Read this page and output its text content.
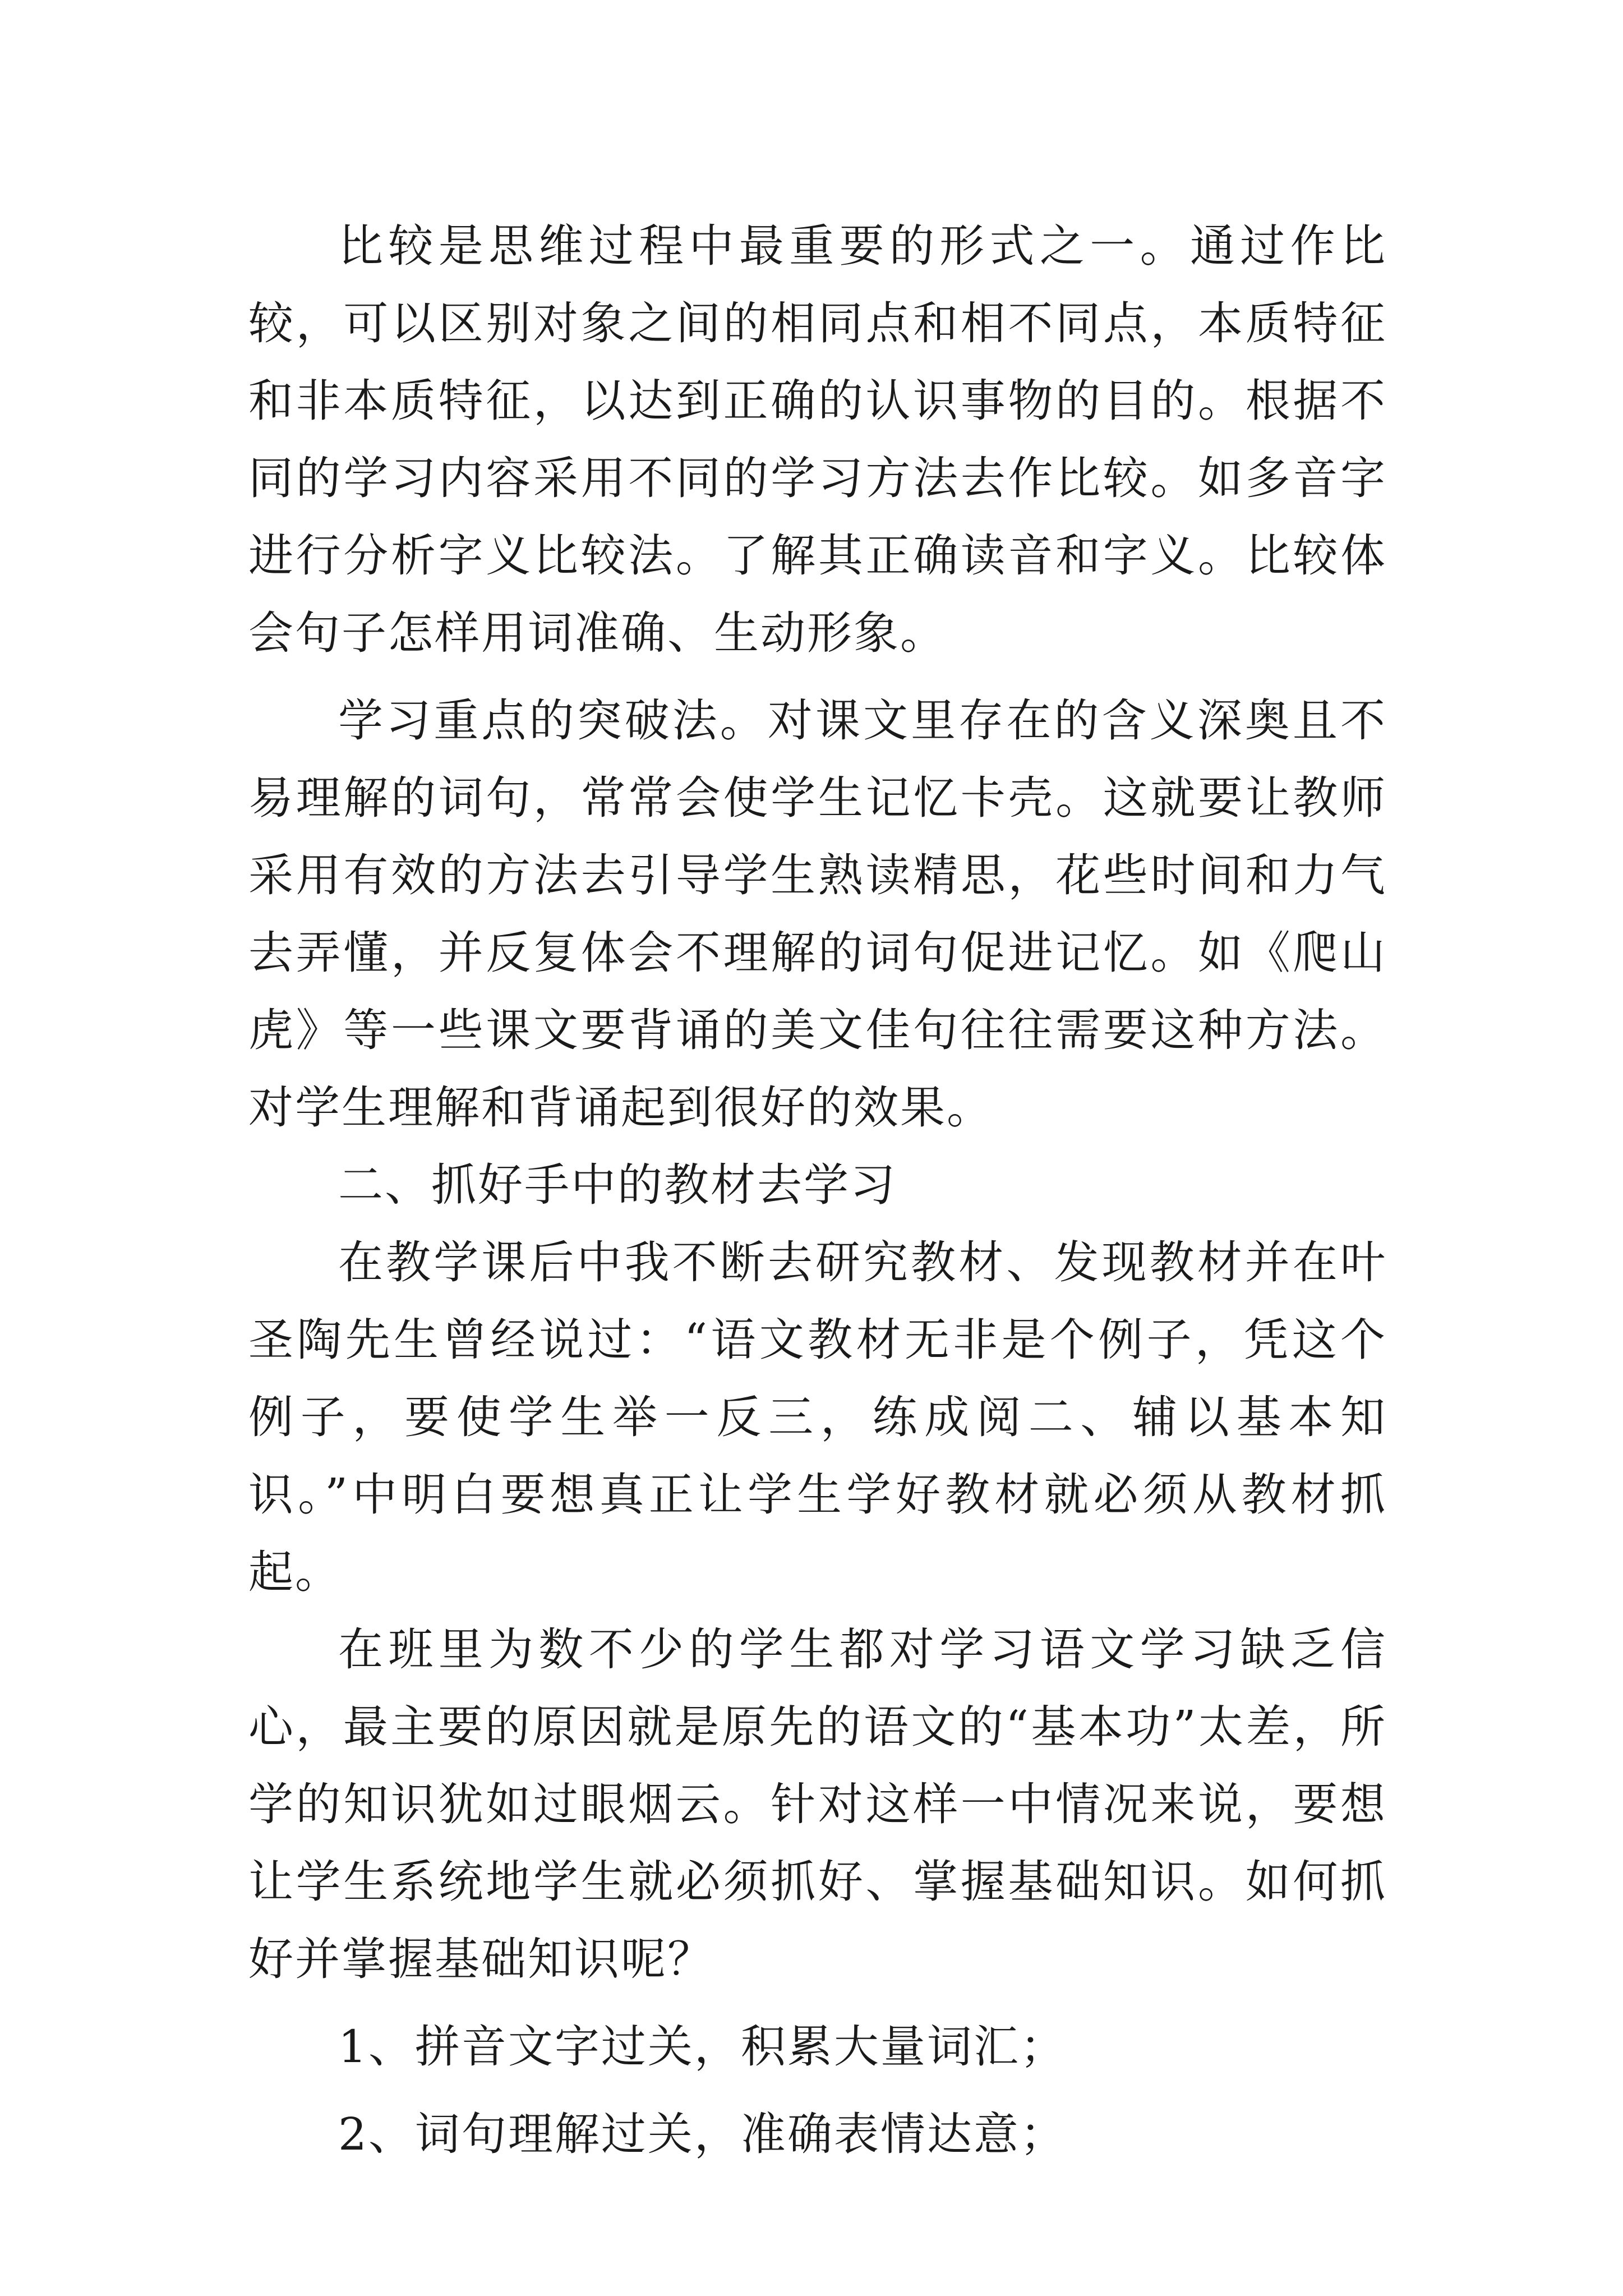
比较是思维过程中最重要的形式之一。通过作比较，可以区别对象之间的相同点和相不同点，本质特征和非本质特征，以达到正确的认识事物的目的。根据不同的学习内容采用不同的学习方法去作比较。如多音字进行分析字义比较法。了解其正确读音和字义。比较体会句子怎样用词准确、生动形象。

学习重点的突破法。对课文里存在的含义深奥且不易理解的词句，常常会使学生记忆卡壳。这就要让教师采用有效的方法去引导学生熟读精思，花些时间和力气去弄懂，并反复体会不理解的词句促进记忆。如《爬山虎》等一些课文要背诵的美文佳句往往需要这种方法。对学生理解和背诵起到很好的效果。

二、抓好手中的教材去学习

在教学课后中我不断去研究教材、发现教材并在叶圣陶先生曾经说过：“语文教材无非是个例子，凭这个例子，要使学生举一反三，练成阅二、辅以基本知识。”中明白要想真正让学生学好教材就必须从教材抓起。

在班里为数不少的学生都对学习语文学习缺乏信心，最主要的原因就是原先的语文的“基本功”太差，所学的知识犹如过眼烟云。针对这样一中情况来说，要想让学生系统地学生就必须抓好、掌握基础知识。如何抓好并掌握基础知识呢？

1、拼音文字过关，积累大量词汇；

2、词句理解过关，准确表情达意；
